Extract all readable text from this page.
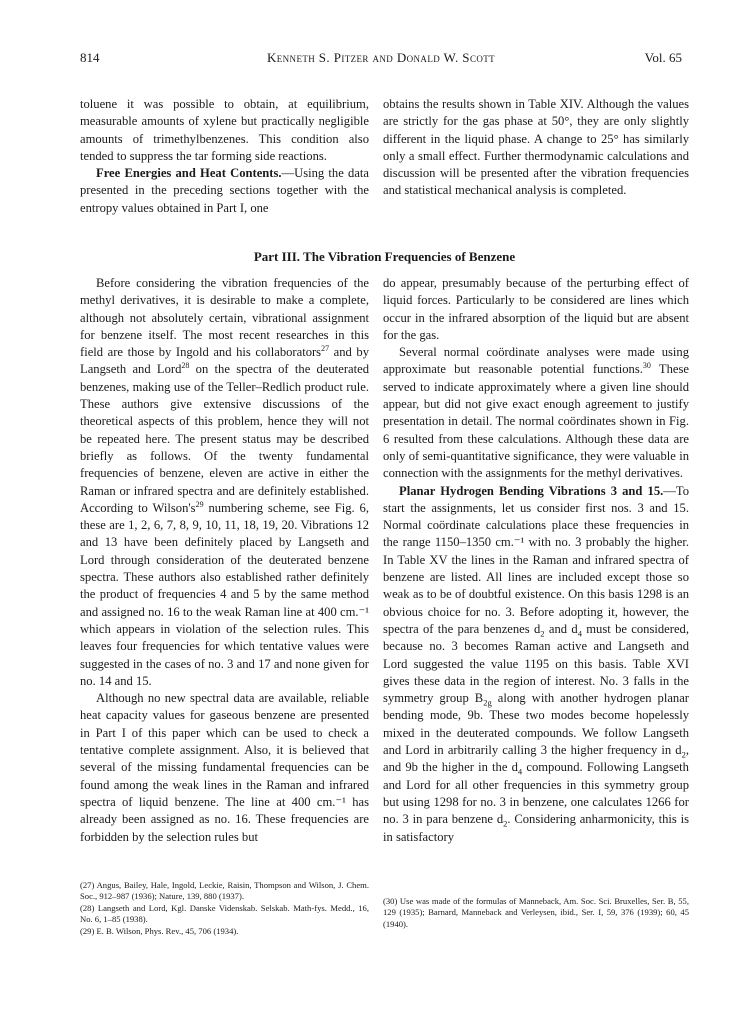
814	Kenneth S. Pitzer and Donald W. Scott	Vol. 65

toluene it was possible to obtain, at equilibrium, measurable amounts of xylene but practically negligible amounts of trimethylbenzenes. This condition also tended to suppress the tar forming side reactions.

Free Energies and Heat Contents.—Using the data presented in the preceding sections together with the entropy values obtained in Part I, one

obtains the results shown in Table XIV. Although the values are strictly for the gas phase at 50°, they are only slightly different in the liquid phase. A change to 25° has similarly only a small effect. Further thermodynamic calculations and discussion will be presented after the vibration frequencies and statistical mechanical analysis is completed.

Part III. The Vibration Frequencies of Benzene

Before considering the vibration frequencies of the methyl derivatives, it is desirable to make a complete, although not absolutely certain, vibrational assignment for benzene itself. The most recent researches in this field are those by Ingold and his collaborators$^{27}$ and by Langseth and Lord$^{28}$ on the spectra of the deuterated benzenes, making use of the Teller–Redlich product rule. These authors give extensive discussions of the theoretical aspects of this problem, hence they will not be repeated here. The present status may be described briefly as follows. Of the twenty fundamental frequencies of benzene, eleven are active in either the Raman or infrared spectra and are definitely established. According to $Wilson's^{29}$ numbering scheme, see Fig. 6, these are 1, 2, 6, 7, 8, 9, 10, 11, 18, 19, 20. Vibrations 12 and 13 have been definitely placed by Langseth and Lord through consideration of the deuterated benzene spectra. These authors also established rather definitely the product of frequencies 4 and 5 by the same method and assigned no. 16 to the weak Raman line at 400 cm.⁻¹ which appears in violation of the selection rules. This leaves four frequencies for which tentative values were suggested in the cases of no. 3 and 17 and none given for no. 14 and 15.

Although no new spectral data are available, reliable heat capacity values for gaseous benzene are presented in Part I of this paper which can be used to check a tentative complete assignment. Also, it is believed that several of the missing fundamental frequencies can be found among the weak lines in the Raman and infrared spectra of liquid benzene. The line at 400 cm.⁻¹ has already been assigned as no. 16. These frequencies are forbidden by the selection rules but

do appear, presumably because of the perturbing effect of liquid forces. Particularly to be considered are lines which occur in the infrared absorption of the liquid but are absent for the gas.

Several normal coördinate analyses were made using approximate but reasonable potential functions.$^{30}$ These served to indicate approximately where a given line should appear, but did not give exact enough agreement to justify presentation in detail. The normal coördinates shown in Fig. 6 resulted from these calculations. Although these data are only of semi-quantitative significance, they were valuable in connection with the assignments for the methyl derivatives.

Planar Hydrogen Bending Vibrations 3 and 15.—To start the assignments, let us consider first nos. 3 and 15. Normal coördinate calculations place these frequencies in the range 1150–1350 cm.⁻¹ with no. 3 probably the higher. In Table XV the lines in the Raman and infrared spectra of benzene are listed. All lines are included except those so weak as to be of doubtful existence. On this basis 1298 is an obvious choice for no. 3. Before adopting it, however, the spectra of the para benzenes $d_2$ and $d_4$ must be considered, because no. 3 becomes Raman active and Langseth and Lord suggested the value 1195 on this basis. Table XVI gives these data in the region of interest. No. 3 falls in the symmetry group $B_{2g}$ along with another hydrogen planar bending mode, 9b. These two modes become hopelessly mixed in the deuterated compounds. We follow Langseth and Lord in arbitrarily calling 3 the higher frequency in $d_2$, and 9b the higher in the $d_4$ compound. Following Langseth and Lord for all other frequencies in this symmetry group but using 1298 for no. 3 in benzene, one calculates 1266 for no. 3 in para benzene $d_2$. Considering anharmonicity, this is in satisfactory

(27) Angus, Bailey, Hale, Ingold, Leckie, Raisin, Thompson and Wilson, J. Chem. Soc., 912–987 (1936); Nature, 139, 880 (1937).

(28) Langseth and Lord, Kgl. Danske Videnskab. Selskab. Math-fys. Medd., 16, No. 6, 1–85 (1938).

(29) E. B. Wilson, Phys. Rev., 45, 706 (1934).

(30) Use was made of the formulas of Manneback, Am. Soc. Sci. Bruxelles, Ser. B, 55, 129 (1935); Barnard, Manneback and Verleysen, ibid., Ser. I, 59, 376 (1939); 60, 45 (1940).
